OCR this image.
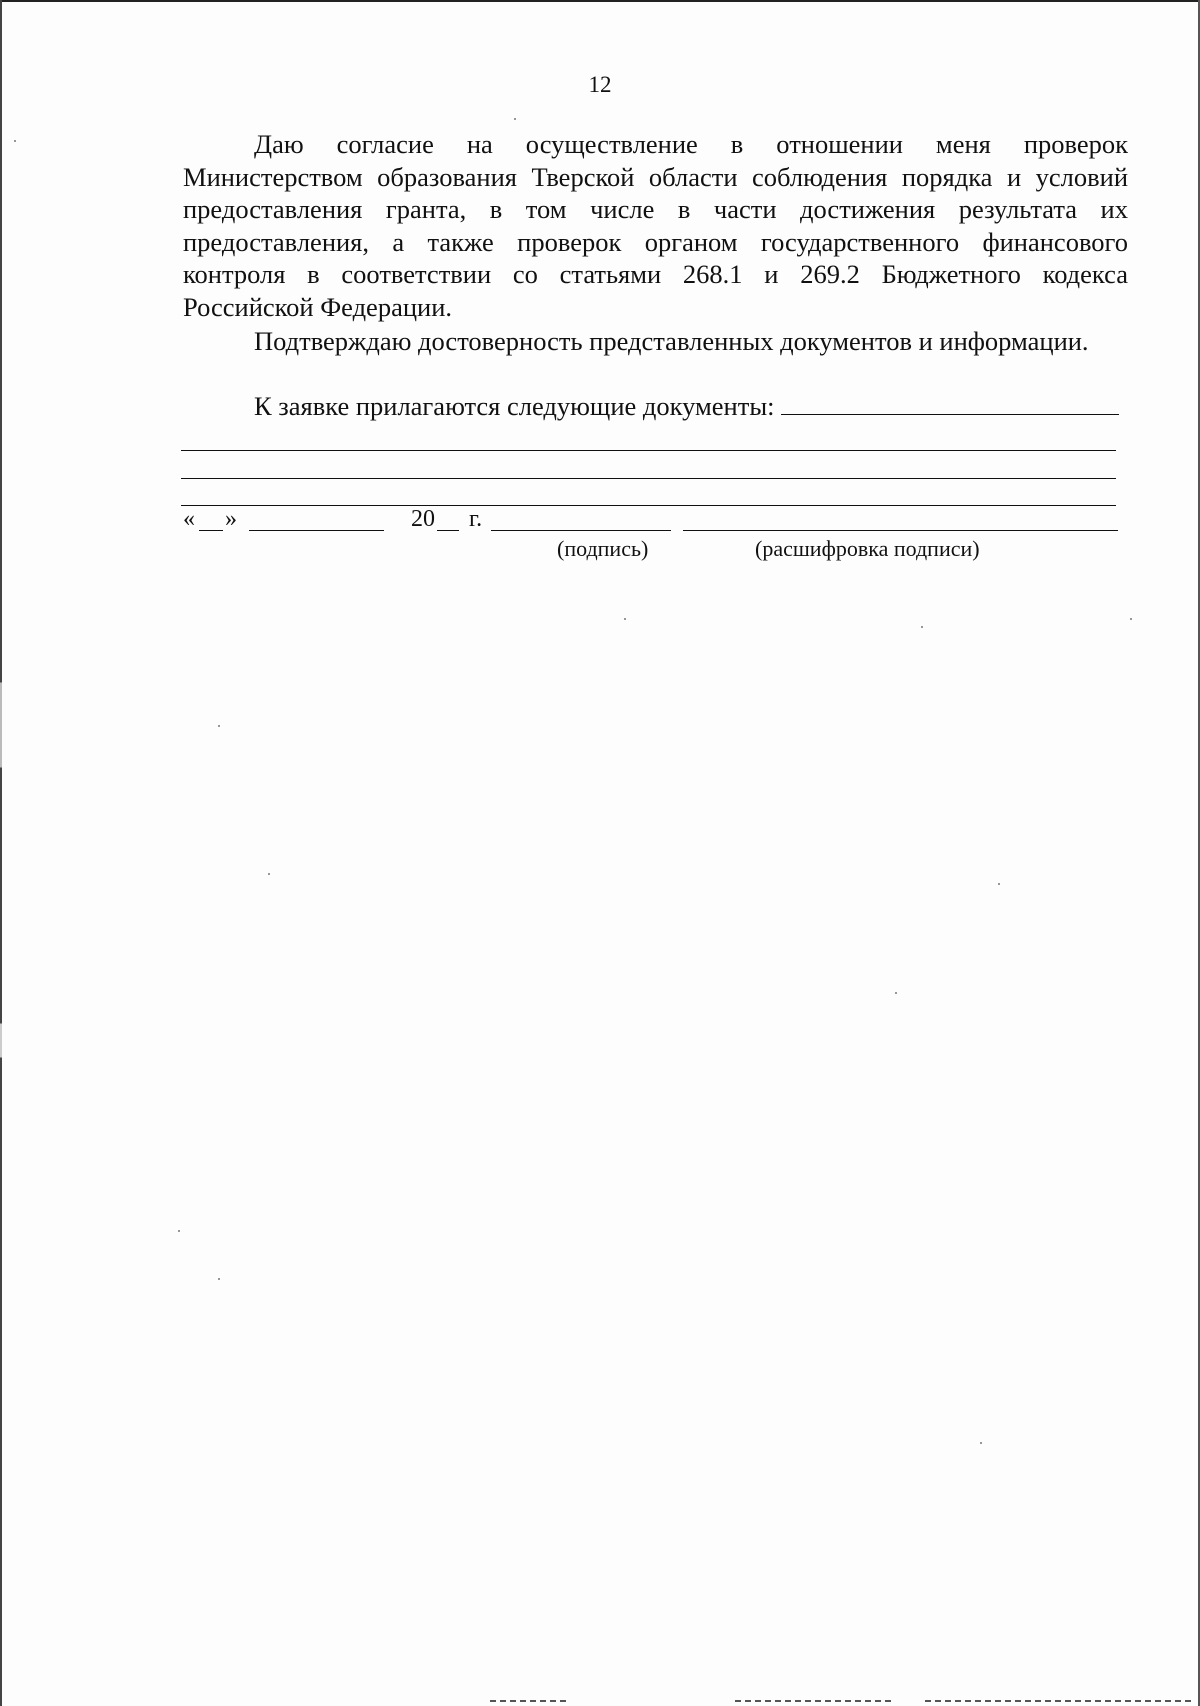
12

Даю согласие на осуществление в отношении меня проверок Министерством образования Тверской области соблюдения порядка и условий предоставления гранта, в том числе в части достижения результата их предоставления, а также проверок органом государственного финансового контроля в соответствии со статьями 268.1 и 269.2 Бюджетного кодекса Российской Федерации.

Подтверждаю достоверность представленных документов и информации.

К заявке прилагаются следующие документы:
« »	20 г.
(подпись)	(расшифровка подписи)
